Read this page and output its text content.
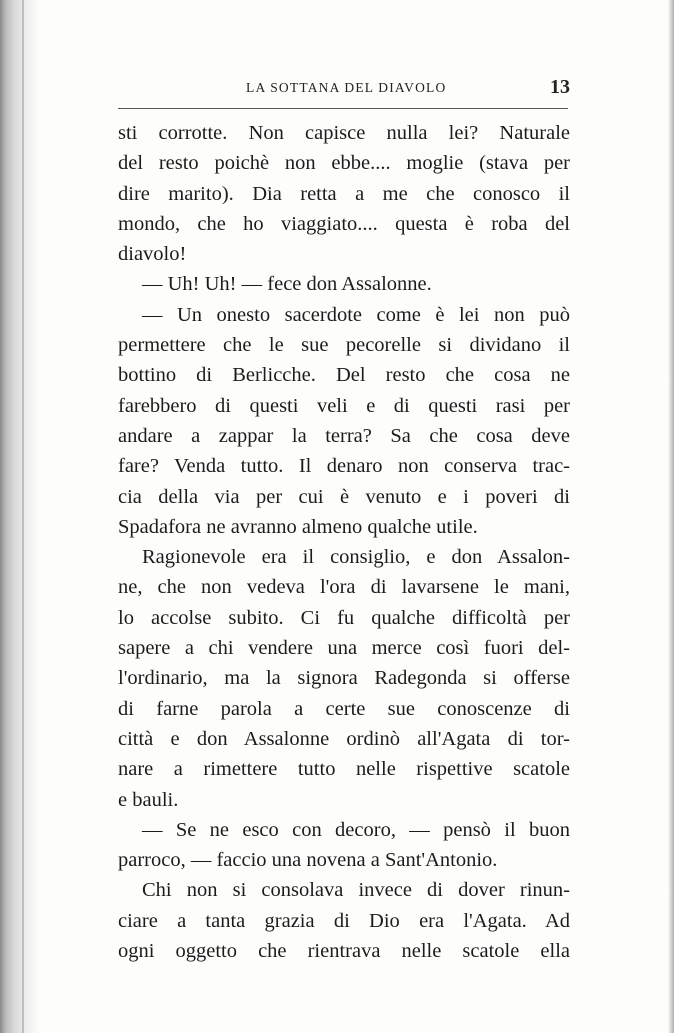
LA SOTTANA DEL DIAVOLO	13
sti corrotte. Non capisce nulla lei? Naturale
del resto poichè non ebbe.... moglie (stava per
dire marito). Dia retta a me che conosco il
mondo, che ho viaggiato.... questa è roba del
diavolo!
— Uh! Uh! — fece don Assalonne.
— Un onesto sacerdote come è lei non può
permettere che le sue pecorelle si dividano il
bottino di Berlicche. Del resto che cosa ne
farebbero di questi veli e di questi rasi per
andare a zappar la terra? Sa che cosa deve
fare? Venda tutto. Il denaro non conserva trac-
cia della via per cui è venuto e i poveri di
Spadafora ne avranno almeno qualche utile.
Ragionevole era il consiglio, e don Assalon-
ne, che non vedeva l'ora di lavarsene le mani,
lo accolse subito. Ci fu qualche difficoltà per
sapere a chi vendere una merce così fuori del-
l'ordinario, ma la signora Radegonda si offerse
di farne parola a certe sue conoscenze di
città e don Assalonne ordinò all'Agata di tor-
nare a rimettere tutto nelle rispettive scatole
e bauli.
— Se ne esco con decoro, — pensò il buon
parroco, — faccio una novena a Sant'Antonio.
Chi non si consolava invece di dover rinun-
ciare a tanta grazia di Dio era l'Agata. Ad
ogni oggetto che rientrava nelle scatole ella
